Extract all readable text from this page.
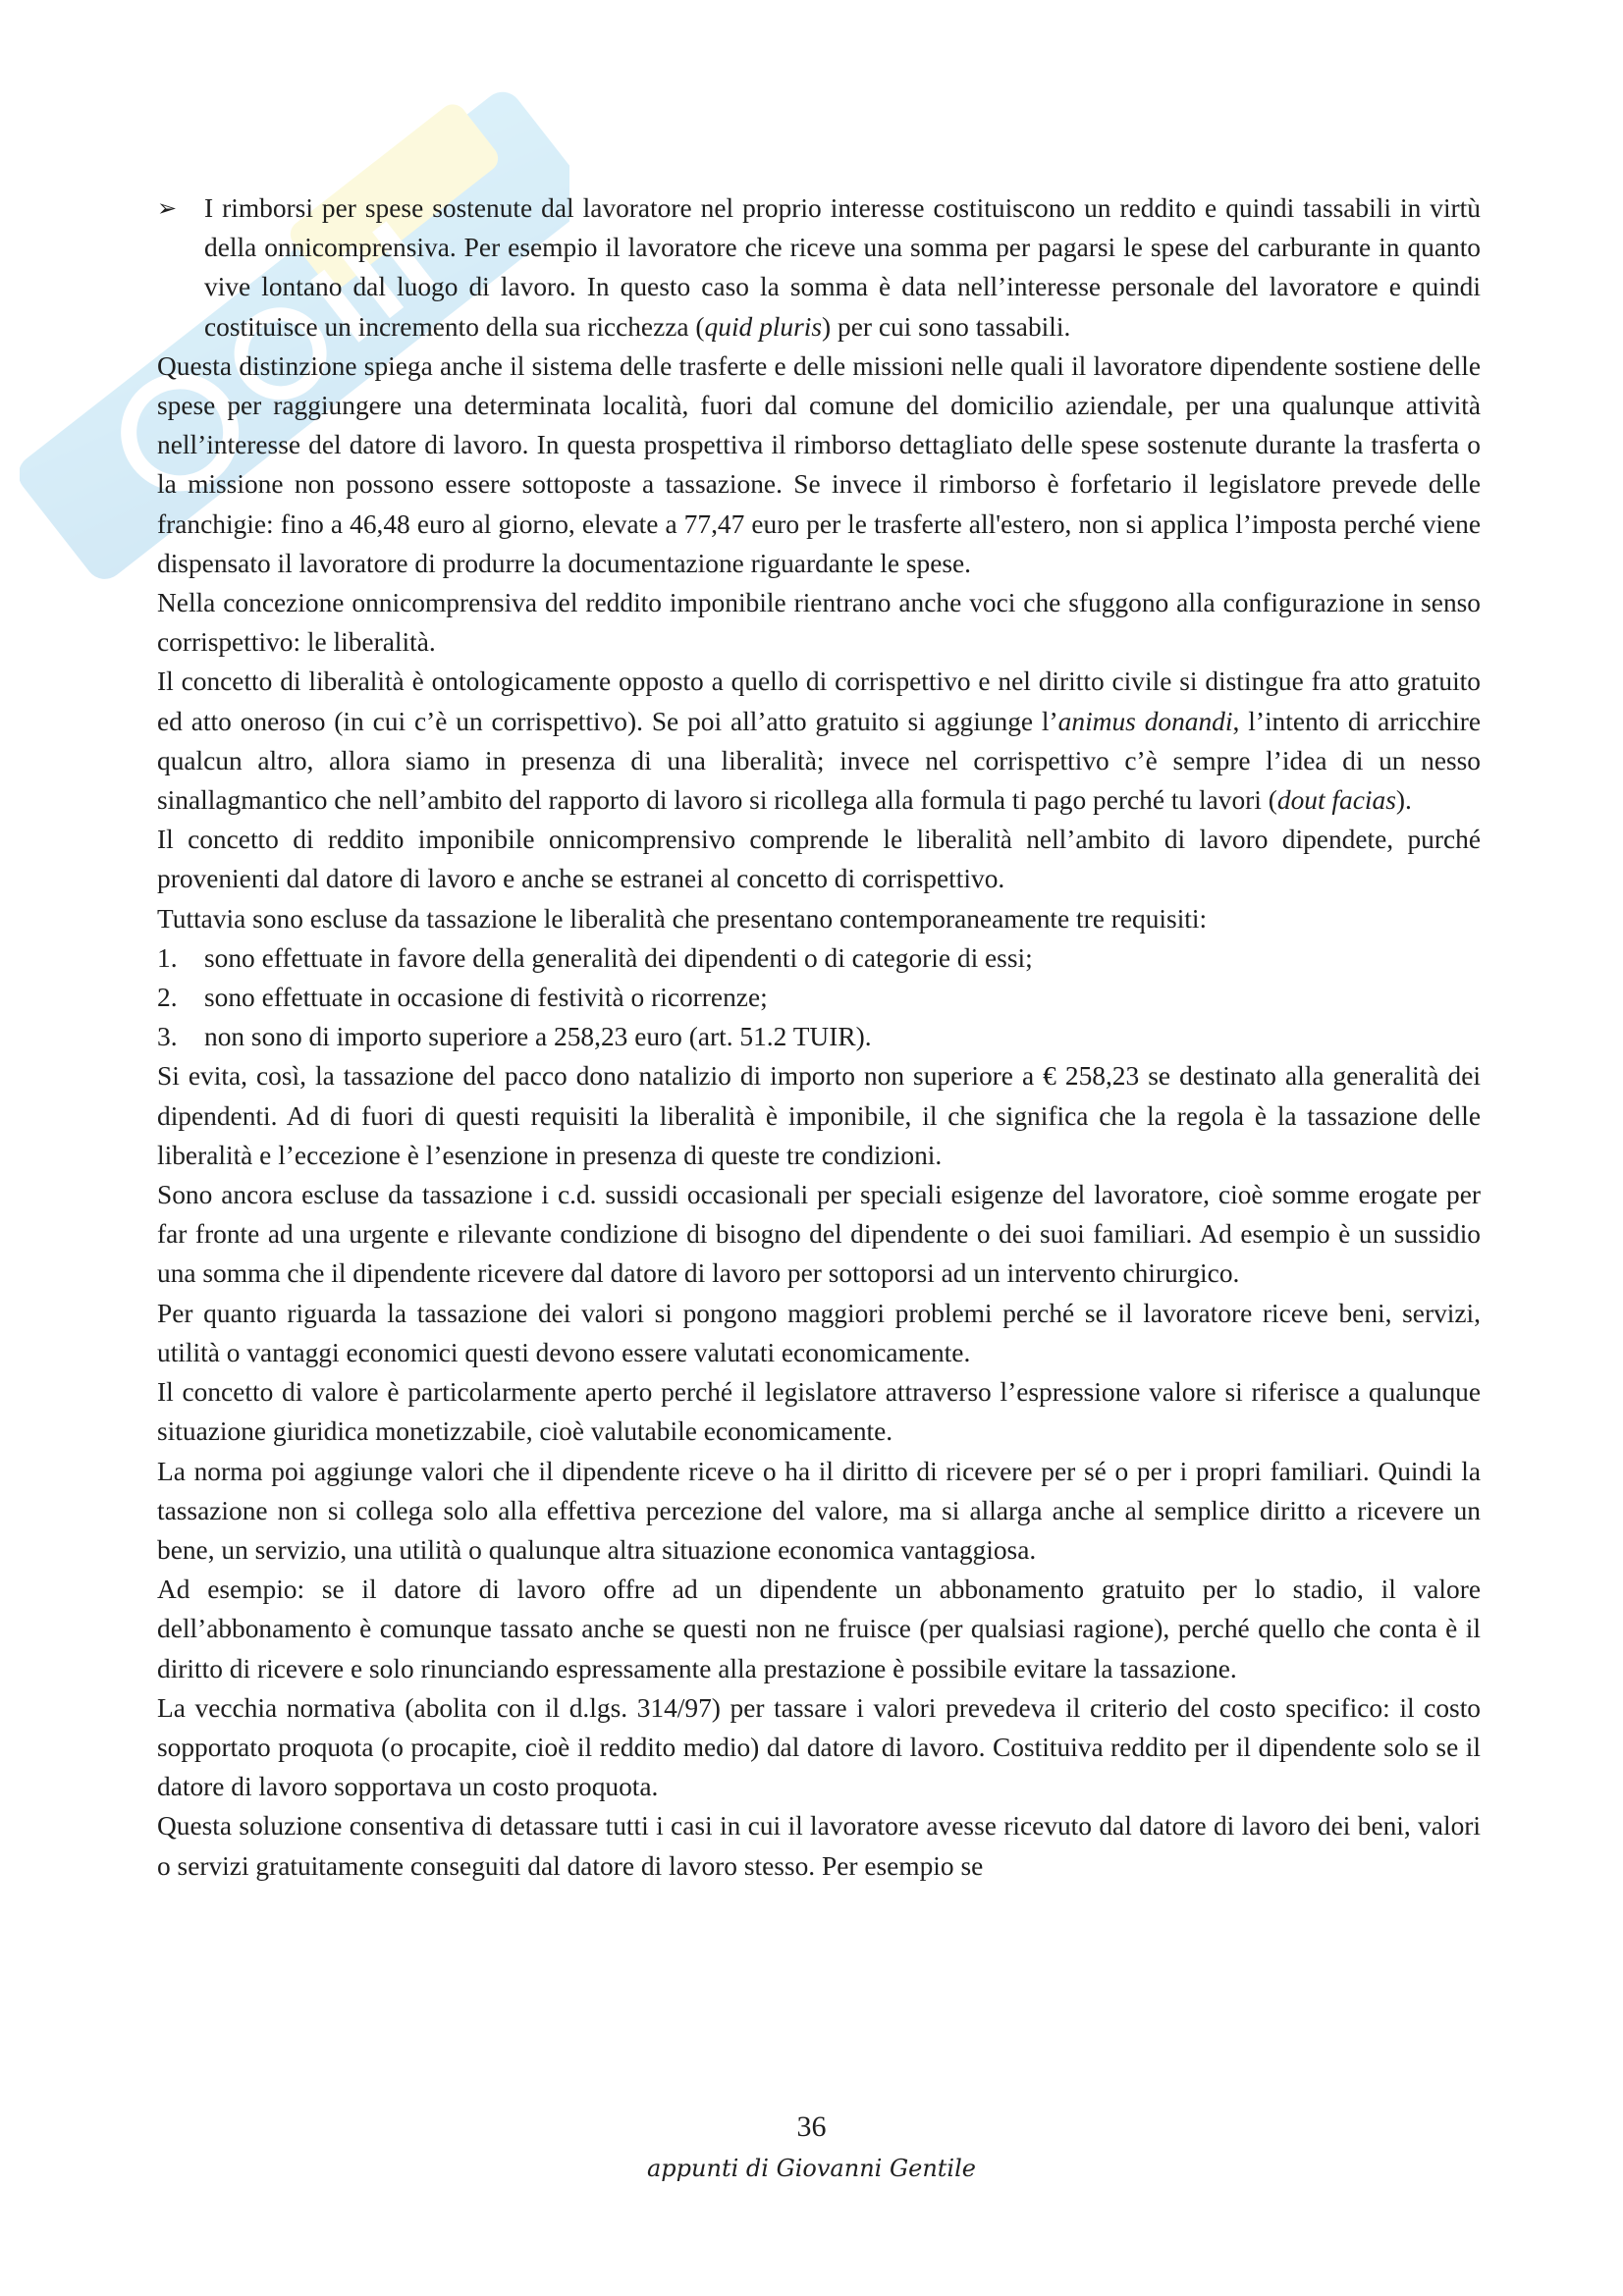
➢ I rimborsi per spese sostenute dal lavoratore nel proprio interesse costituiscono un reddito e quindi tassabili in virtù della onnicomprensiva. Per esempio il lavoratore che riceve una somma per pagarsi le spese del carburante in quanto vive lontano dal luogo di lavoro. In questo caso la somma è data nell’interesse personale del lavoratore e quindi costituisce un incremento della sua ricchezza (quid pluris) per cui sono tassabili.

Questa distinzione spiega anche il sistema delle trasferte e delle missioni nelle quali il lavoratore dipendente sostiene delle spese per raggiungere una determinata località, fuori dal comune del domicilio aziendale, per una qualunque attività nell’interesse del datore di lavoro. In questa prospettiva il rimborso dettagliato delle spese sostenute durante la trasferta o la missione non possono essere sottoposte a tassazione. Se invece il rimborso è forfetario il legislatore prevede delle franchigie: fino a 46,48 euro al giorno, elevate a 77,47 euro per le trasferte all'estero, non si applica l’imposta perché viene dispensato il lavoratore di produrre la documentazione riguardante le spese.

Nella concezione onnicomprensiva del reddito imponibile rientrano anche voci che sfuggono alla configurazione in senso corrispettivo: le liberalità.

Il concetto di liberalità è ontologicamente opposto a quello di corrispettivo e nel diritto civile si distingue fra atto gratuito ed atto oneroso (in cui c’è un corrispettivo). Se poi all’atto gratuito si aggiunge l’animus donandi, l’intento di arricchire qualcun altro, allora siamo in presenza di una liberalità; invece nel corrispettivo c’è sempre l’idea di un nesso sinallagmantico che nell’ambito del rapporto di lavoro si ricollega alla formula ti pago perché tu lavori (dout facias).

Il concetto di reddito imponibile onnicomprensivo comprende le liberalità nell’ambito di lavoro dipendete, purché provenienti dal datore di lavoro e anche se estranei al concetto di corrispettivo.

Tuttavia sono escluse da tassazione le liberalità che presentano contemporaneamente tre requisiti:

1. sono effettuate in favore della generalità dei dipendenti o di categorie di essi;
2. sono effettuate in occasione di festività o ricorrenze;
3. non sono di importo superiore a 258,23 euro (art. 51.2 TUIR).

Si evita, così, la tassazione del pacco dono natalizio di importo non superiore a € 258,23 se destinato alla generalità dei dipendenti. Ad di fuori di questi requisiti la liberalità è imponibile, il che significa che la regola è la tassazione delle liberalità e l’eccezione è l’esenzione in presenza di queste tre condizioni.

Sono ancora escluse da tassazione i c.d. sussidi occasionali per speciali esigenze del lavoratore, cioè somme erogate per far fronte ad una urgente e rilevante condizione di bisogno del dipendente o dei suoi familiari. Ad esempio è un sussidio una somma che il dipendente ricevere dal datore di lavoro per sottoporsi ad un intervento chirurgico.

Per quanto riguarda la tassazione dei valori si pongono maggiori problemi perché se il lavoratore riceve beni, servizi, utilità o vantaggi economici questi devono essere valutati economicamente.

Il concetto di valore è particolarmente aperto perché il legislatore attraverso l’espressione valore si riferisce a qualunque situazione giuridica monetizzabile, cioè valutabile economicamente.

La norma poi aggiunge valori che il dipendente riceve o ha il diritto di ricevere per sé o per i propri familiari. Quindi la tassazione non si collega solo alla effettiva percezione del valore, ma si allarga anche al semplice diritto a ricevere un bene, un servizio, una utilità o qualunque altra situazione economica vantaggiosa.

Ad esempio: se il datore di lavoro offre ad un dipendente un abbonamento gratuito per lo stadio, il valore dell’abbonamento è comunque tassato anche se questi non ne fruisce (per qualsiasi ragione), perché quello che conta è il diritto di ricevere e solo rinunciando espressamente alla prestazione è possibile evitare la tassazione.

La vecchia normativa (abolita con il d.lgs. 314/97) per tassare i valori prevedeva il criterio del costo specifico: il costo sopportato proquota (o procapite, cioè il reddito medio) dal datore di lavoro. Costituiva reddito per il dipendente solo se il datore di lavoro sopportava un costo proquota.

Questa soluzione consentiva di detassare tutti i casi in cui il lavoratore avesse ricevuto dal datore di lavoro dei beni, valori o servizi gratuitamente conseguiti dal datore di lavoro stesso. Per esempio se

36
appunti di Giovanni Gentile
